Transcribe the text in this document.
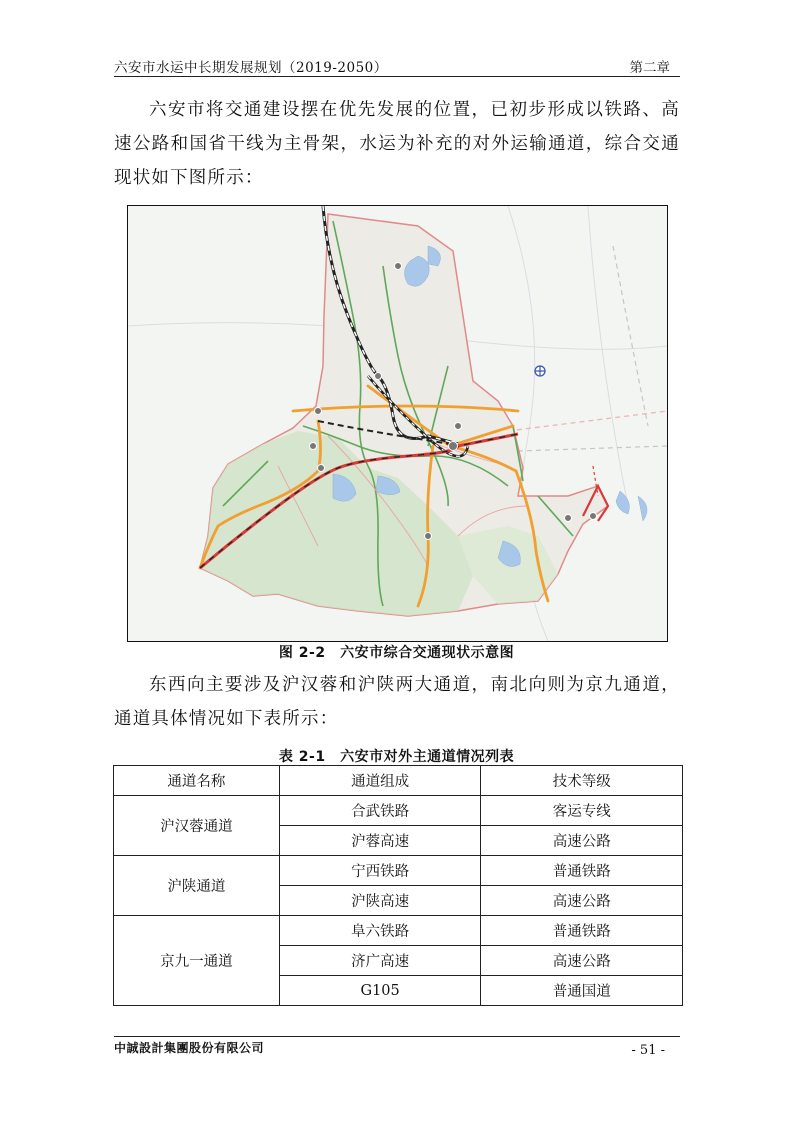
六安市水运中长期发展规划（2019-2050）	第二章

六安市将交通建设摆在优先发展的位置，已初步形成以铁路、高速公路和国省干线为主骨架，水运为补充的对外运输通道，综合交通现状如下图所示：

图 2-2　六安市综合交通现状示意图

东西向主要涉及沪汉蓉和沪陕两大通道，南北向则为京九通道，通道具体情况如下表所示：

表 2-1　六安市对外主通道情况列表
通道名称	通道组成	技术等级
沪汉蓉通道	合武铁路	客运专线
	沪蓉高速	高速公路
沪陕通道	宁西铁路	普通铁路
	沪陕高速	高速公路
京九一通道	阜六铁路	普通铁路
	济广高速	高速公路
	G105	普通国道
中誠設計集團股份有限公司	- 51 -
